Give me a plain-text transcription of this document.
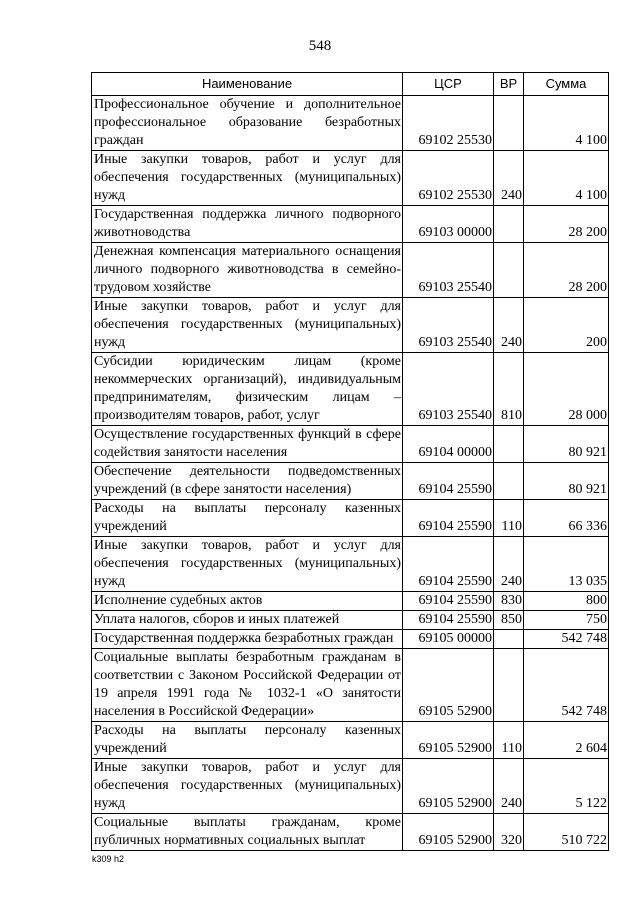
548
Наименование	ЦСР	ВР	Сумма
Профессиональное обучение и дополнительное профессиональное образование безработных граждан	69102 25530		4 100
Иные закупки товаров, работ и услуг для обеспечения государственных (муниципальных) нужд	69102 25530	240	4 100
Государственная поддержка личного подворного животноводства	69103 00000		28 200
Денежная компенсация материального оснащения личного подворного животноводства в семейно-трудовом хозяйстве	69103 25540		28 200
Иные закупки товаров, работ и услуг для обеспечения государственных (муниципальных) нужд	69103 25540	240	200
Субсидии юридическим лицам (кроме некоммерческих организаций), индивидуальным предпринимателям, физическим лицам – производителям товаров, работ, услуг	69103 25540	810	28 000
Осуществление государственных функций в сфере содействия занятости населения	69104 00000		80 921
Обеспечение деятельности подведомственных учреждений (в сфере занятости населения)	69104 25590		80 921
Расходы на выплаты персоналу казенных учреждений	69104 25590	110	66 336
Иные закупки товаров, работ и услуг для обеспечения государственных (муниципальных) нужд	69104 25590	240	13 035
Исполнение судебных актов	69104 25590	830	800
Уплата налогов, сборов и иных платежей	69104 25590	850	750
Государственная поддержка безработных граждан	69105 00000		542 748
Социальные выплаты безработным гражданам в соответствии с Законом Российской Федерации от 19 апреля 1991 года № 1032-1 «О занятости населения в Российской Федерации»	69105 52900		542 748
Расходы на выплаты персоналу казенных учреждений	69105 52900	110	2 604
Иные закупки товаров, работ и услуг для обеспечения государственных (муниципальных) нужд	69105 52900	240	5 122
Социальные выплаты гражданам, кроме публичных нормативных социальных выплат	69105 52900	320	510 722
k309 h2
